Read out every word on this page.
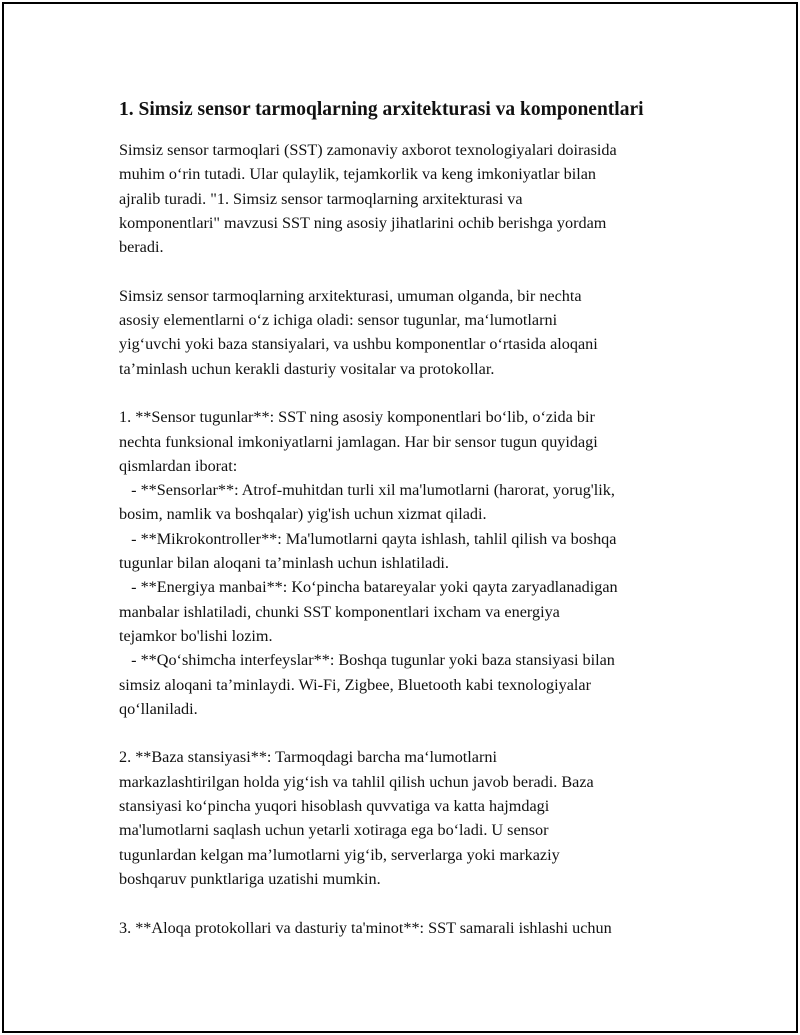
1. Simsiz sensor tarmoqlarning arxitekturasi va komponentlari

Simsiz sensor tarmoqlari (SST) zamonaviy axborot texnologiyalari doirasida
muhim oʻrin tutadi. Ular qulaylik, tejamkorlik va keng imkoniyatlar bilan
ajralib turadi. "1. Simsiz sensor tarmoqlarning arxitekturasi va
komponentlari" mavzusi SST ning asosiy jihatlarini ochib berishga yordam
beradi.

Simsiz sensor tarmoqlarning arxitekturasi, umuman olganda, bir nechta
asosiy elementlarni oʻz ichiga oladi: sensor tugunlar, maʻlumotlarni
yigʻuvchi yoki baza stansiyalari, va ushbu komponentlar oʻrtasida aloqani
ta’minlash uchun kerakli dasturiy vositalar va protokollar.

1. **Sensor tugunlar**: SST ning asosiy komponentlari boʻlib, oʻzida bir
nechta funksional imkoniyatlarni jamlagan. Har bir sensor tugun quyidagi
qismlardan iborat:
- **Sensorlar**: Atrof-muhitdan turli xil ma'lumotlarni (harorat, yorug'lik,
bosim, namlik va boshqalar) yig'ish uchun xizmat qiladi.
- **Mikrokontroller**: Ma'lumotlarni qayta ishlash, tahlil qilish va boshqa
tugunlar bilan aloqani ta’minlash uchun ishlatiladi.
- **Energiya manbai**: Koʻpincha batareyalar yoki qayta zaryadlanadigan
manbalar ishlatiladi, chunki SST komponentlari ixcham va energiya
tejamkor bo'lishi lozim.
- **Qoʻshimcha interfeyslar**: Boshqa tugunlar yoki baza stansiyasi bilan
simsiz aloqani ta’minlaydi. Wi-Fi, Zigbee, Bluetooth kabi texnologiyalar
qoʻllaniladi.

2. **Baza stansiyasi**: Tarmoqdagi barcha maʻlumotlarni
markazlashtirilgan holda yigʻish va tahlil qilish uchun javob beradi. Baza
stansiyasi koʻpincha yuqori hisoblash quvvatiga va katta hajmdagi
ma'lumotlarni saqlash uchun yetarli xotiraga ega boʻladi. U sensor
tugunlardan kelgan ma’lumotlarni yigʻib, serverlarga yoki markaziy
boshqaruv punktlariga uzatishi mumkin.

3. **Aloqa protokollari va dasturiy ta'minot**: SST samarali ishlashi uchun
